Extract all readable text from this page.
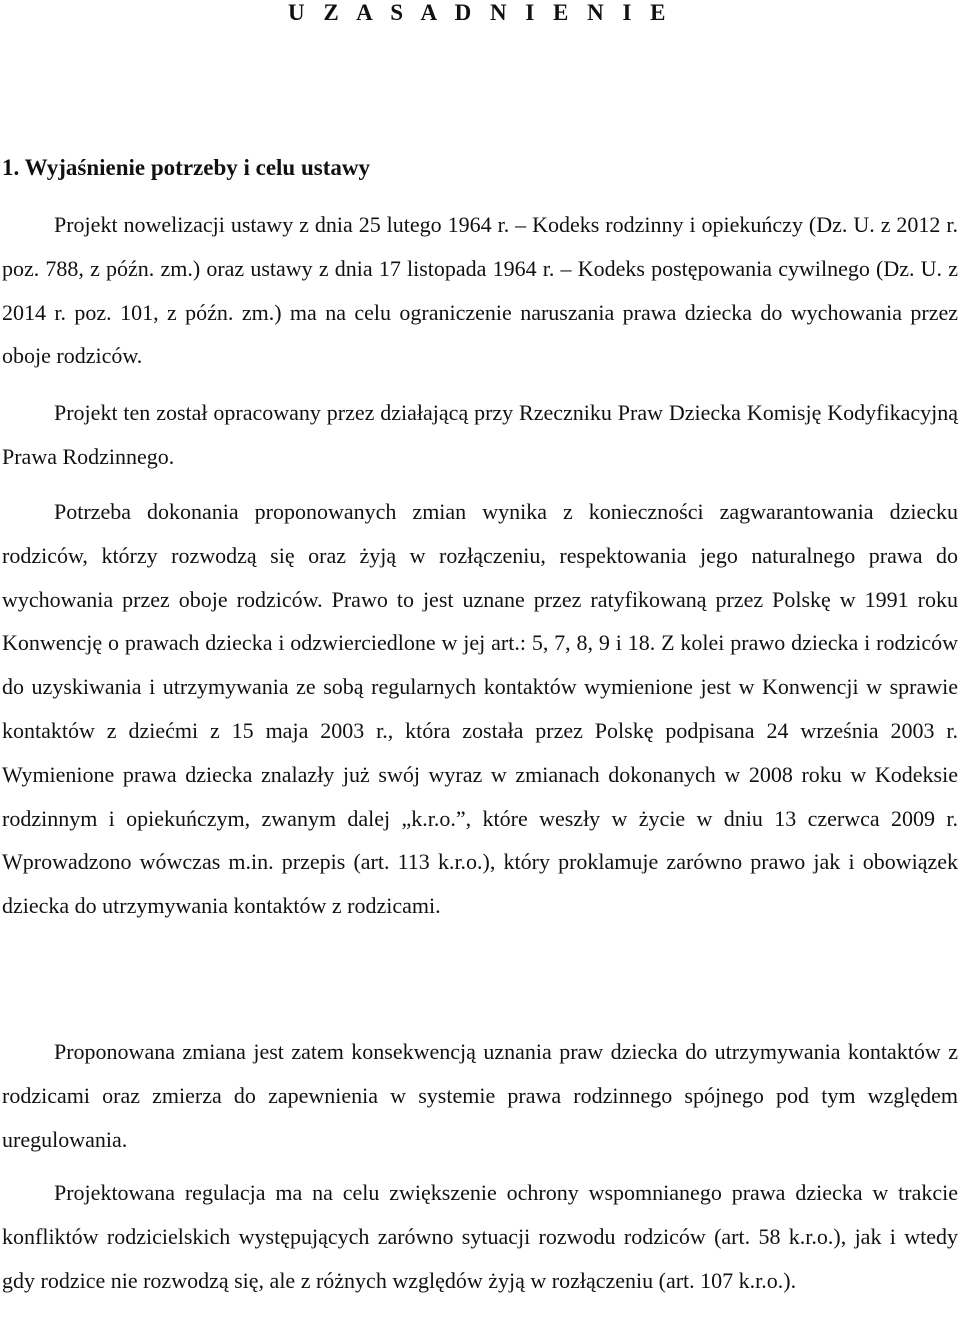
U Z A S A D N I E N I E
1. Wyjaśnienie potrzeby i celu ustawy

Projekt nowelizacji ustawy z dnia 25 lutego 1964 r. – Kodeks rodzinny i opiekuńczy (Dz. U. z 2012 r. poz. 788, z późn. zm.) oraz ustawy z dnia 17 listopada 1964 r. – Kodeks postępowania cywilnego (Dz. U. z 2014 r. poz. 101, z późn. zm.) ma na celu ograniczenie naruszania prawa dziecka do wychowania przez oboje rodziców.

Projekt ten został opracowany przez działającą przy Rzeczniku Praw Dziecka Komisję Kodyfikacyjną Prawa Rodzinnego.

Potrzeba dokonania proponowanych zmian wynika z konieczności zagwarantowania dziecku rodziców, którzy rozwodzą się oraz żyją w rozłączeniu, respektowania jego naturalnego prawa do wychowania przez oboje rodziców. Prawo to jest uznane przez ratyfikowaną przez Polskę w 1991 roku Konwencję o prawach dziecka i odzwierciedlone w jej art.: 5, 7, 8, 9 i 18. Z kolei prawo dziecka i rodziców do uzyskiwania i utrzymywania ze sobą regularnych kontaktów wymienione jest w Konwencji w sprawie kontaktów z dziećmi z 15 maja 2003 r., która została przez Polskę podpisana 24 września 2003 r. Wymienione prawa dziecka znalazły już swój wyraz w zmianach dokonanych w 2008 roku w Kodeksie rodzinnym i opiekuńczym, zwanym dalej „k.r.o.”, które weszły w życie w dniu 13 czerwca 2009 r. Wprowadzono wówczas m.in. przepis (art. 113 k.r.o.), który proklamuje zarówno prawo jak i obowiązek dziecka do utrzymywania kontaktów z rodzicami.

Proponowana zmiana jest zatem konsekwencją uznania praw dziecka do utrzymywania kontaktów z rodzicami oraz zmierza do zapewnienia w systemie prawa rodzinnego spójnego pod tym względem uregulowania.

Projektowana regulacja ma na celu zwiększenie ochrony wspomnianego prawa dziecka w trakcie konfliktów rodzicielskich występujących zarówno sytuacji rozwodu rodziców (art. 58 k.r.o.), jak i wtedy gdy rodzice nie rozwodzą się, ale z różnych względów żyją w rozłączeniu (art. 107 k.r.o.).
